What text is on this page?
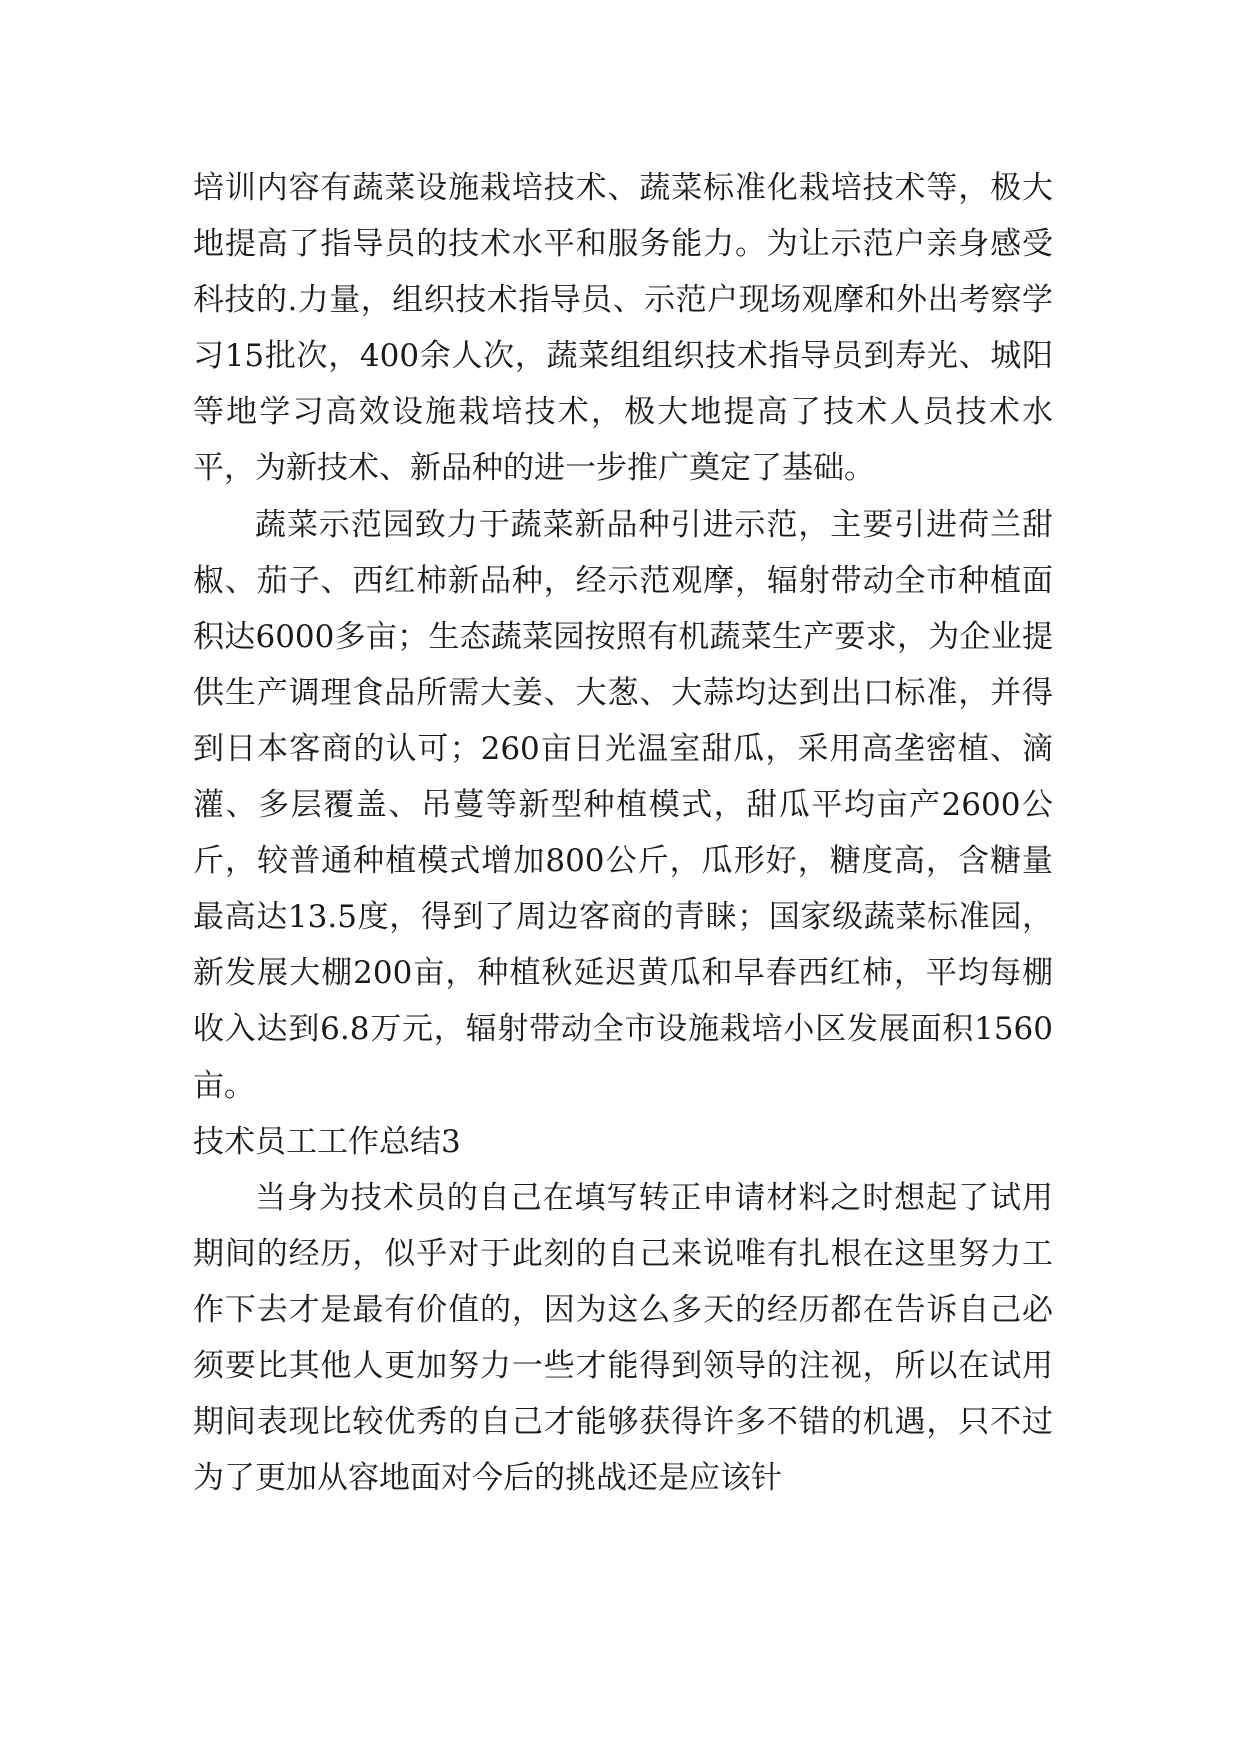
培训内容有蔬菜设施栽培技术、蔬菜标准化栽培技术等，极大地提高了指导员的技术水平和服务能力。为让示范户亲身感受科技的.力量，组织技术指导员、示范户现场观摩和外出考察学习15批次，400余人次，蔬菜组组织技术指导员到寿光、城阳等地学习高效设施栽培技术，极大地提高了技术人员技术水平，为新技术、新品种的进一步推广奠定了基础。

蔬菜示范园致力于蔬菜新品种引进示范，主要引进荷兰甜椒、茄子、西红柿新品种，经示范观摩，辐射带动全市种植面积达6000多亩；生态蔬菜园按照有机蔬菜生产要求，为企业提供生产调理食品所需大姜、大葱、大蒜均达到出口标准，并得到日本客商的认可；260亩日光温室甜瓜，采用高垄密植、滴灌、多层覆盖、吊蔓等新型种植模式，甜瓜平均亩产2600公斤，较普通种植模式增加800公斤，瓜形好，糖度高，含糖量最高达13.5度，得到了周边客商的青睐；国家级蔬菜标准园，新发展大棚200亩，种植秋延迟黄瓜和早春西红柿，平均每棚收入达到6.8万元，辐射带动全市设施栽培小区发展面积1560亩。

技术员工工作总结3

当身为技术员的自己在填写转正申请材料之时想起了试用期间的经历，似乎对于此刻的自己来说唯有扎根在这里努力工作下去才是最有价值的，因为这么多天的经历都在告诉自己必须要比其他人更加努力一些才能得到领导的注视，所以在试用期间表现比较优秀的自己才能够获得许多不错的机遇，只不过为了更加从容地面对今后的挑战还是应该针
